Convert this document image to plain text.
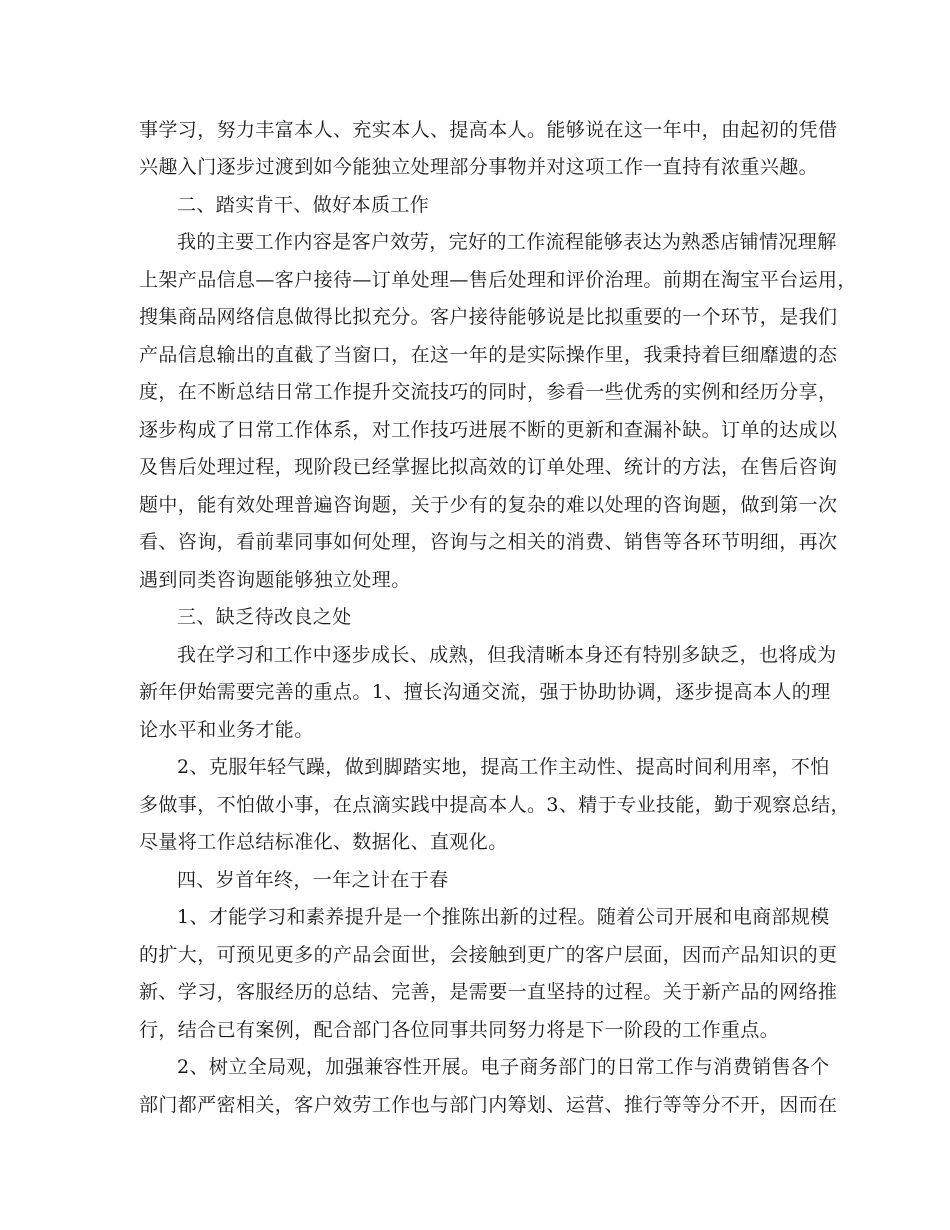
事学习，努力丰富本人、充实本人、提高本人。能够说在这一年中，由起初的凭借
兴趣入门逐步过渡到如今能独立处理部分事物并对这项工作一直持有浓重兴趣。
二、踏实肯干、做好本质工作
我的主要工作内容是客户效劳，完好的工作流程能够表达为熟悉店铺情况理解
上架产品信息—客户接待—订单处理—售后处理和评价治理。前期在淘宝平台运用，
搜集商品网络信息做得比拟充分。客户接待能够说是比拟重要的一个环节，是我们
产品信息输出的直截了当窗口，在这一年的是实际操作里，我秉持着巨细靡遗的态
度，在不断总结日常工作提升交流技巧的同时，参看一些优秀的实例和经历分享，
逐步构成了日常工作体系，对工作技巧进展不断的更新和查漏补缺。订单的达成以
及售后处理过程，现阶段已经掌握比拟高效的订单处理、统计的方法，在售后咨询
题中，能有效处理普遍咨询题，关于少有的复杂的难以处理的咨询题，做到第一次
看、咨询，看前辈同事如何处理，咨询与之相关的消费、销售等各环节明细，再次
遇到同类咨询题能够独立处理。
三、缺乏待改良之处
我在学习和工作中逐步成长、成熟，但我清晰本身还有特别多缺乏，也将成为
新年伊始需要完善的重点。1、擅长沟通交流，强于协助协调，逐步提高本人的理
论水平和业务才能。
2、克服年轻气躁，做到脚踏实地，提高工作主动性、提高时间利用率，不怕
多做事，不怕做小事，在点滴实践中提高本人。3、精于专业技能，勤于观察总结，
尽量将工作总结标准化、数据化、直观化。
四、岁首年终，一年之计在于春
1、才能学习和素养提升是一个推陈出新的过程。随着公司开展和电商部规模
的扩大，可预见更多的产品会面世，会接触到更广的客户层面，因而产品知识的更
新、学习，客服经历的总结、完善，是需要一直坚持的过程。关于新产品的网络推
行，结合已有案例，配合部门各位同事共同努力将是下一阶段的工作重点。
2、树立全局观，加强兼容性开展。电子商务部门的日常工作与消费销售各个
部门都严密相关，客户效劳工作也与部门内筹划、运营、推行等等分不开，因而在
